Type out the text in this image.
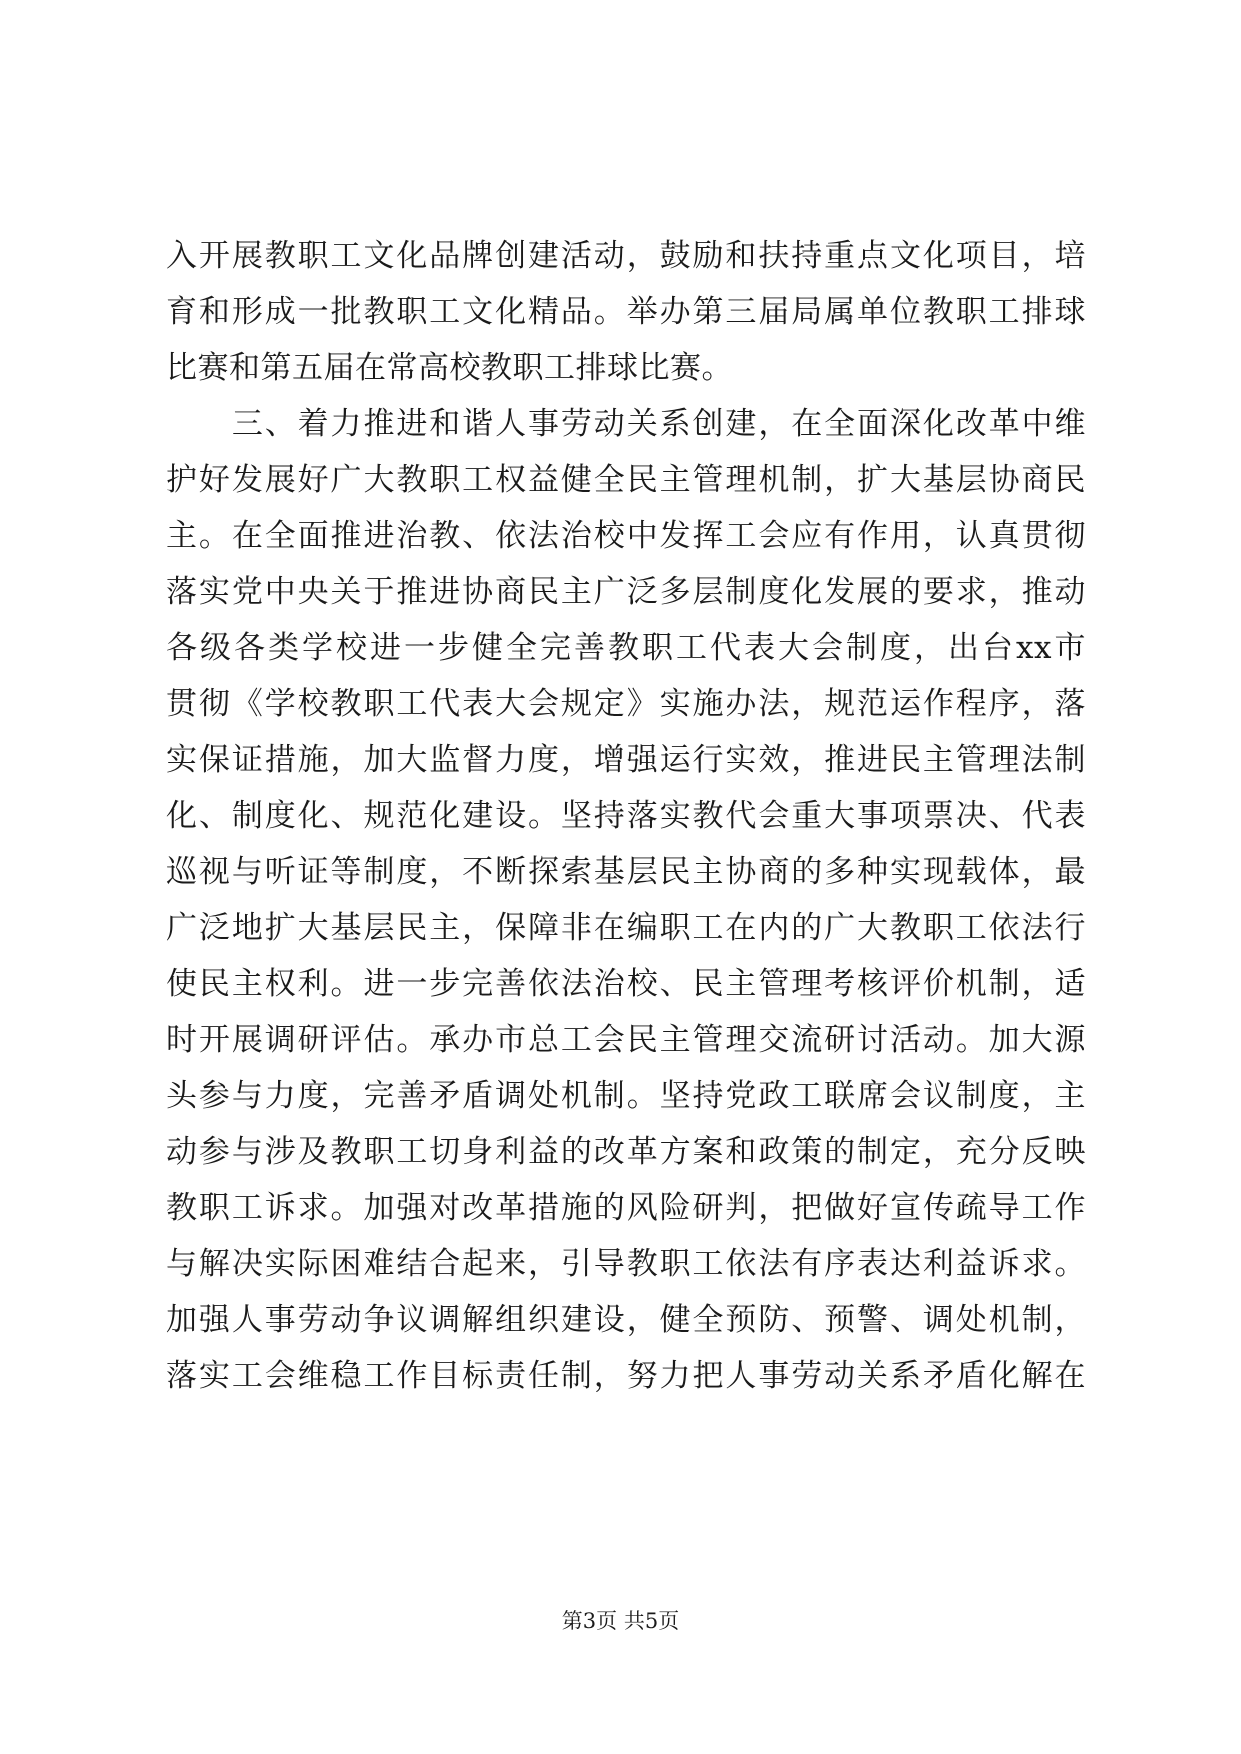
入开展教职工文化品牌创建活动，鼓励和扶持重点文化项目，培
育和形成一批教职工文化精品。举办第三届局属单位教职工排球
比赛和第五届在常高校教职工排球比赛。
　　三、着力推进和谐人事劳动关系创建，在全面深化改革中维
护好发展好广大教职工权益健全民主管理机制，扩大基层协商民
主。在全面推进治教、依法治校中发挥工会应有作用，认真贯彻
落实党中央关于推进协商民主广泛多层制度化发展的要求，推动
各级各类学校进一步健全完善教职工代表大会制度，出台xx市
贯彻《学校教职工代表大会规定》实施办法，规范运作程序，落
实保证措施，加大监督力度，增强运行实效，推进民主管理法制
化、制度化、规范化建设。坚持落实教代会重大事项票决、代表
巡视与听证等制度，不断探索基层民主协商的多种实现载体，最
广泛地扩大基层民主，保障非在编职工在内的广大教职工依法行
使民主权利。进一步完善依法治校、民主管理考核评价机制，适
时开展调研评估。承办市总工会民主管理交流研讨活动。加大源
头参与力度，完善矛盾调处机制。坚持党政工联席会议制度，主
动参与涉及教职工切身利益的改革方案和政策的制定，充分反映
教职工诉求。加强对改革措施的风险研判，把做好宣传疏导工作
与解决实际困难结合起来，引导教职工依法有序表达利益诉求。
加强人事劳动争议调解组织建设，健全预防、预警、调处机制，
落实工会维稳工作目标责任制，努力把人事劳动关系矛盾化解在
第3页 共5页
